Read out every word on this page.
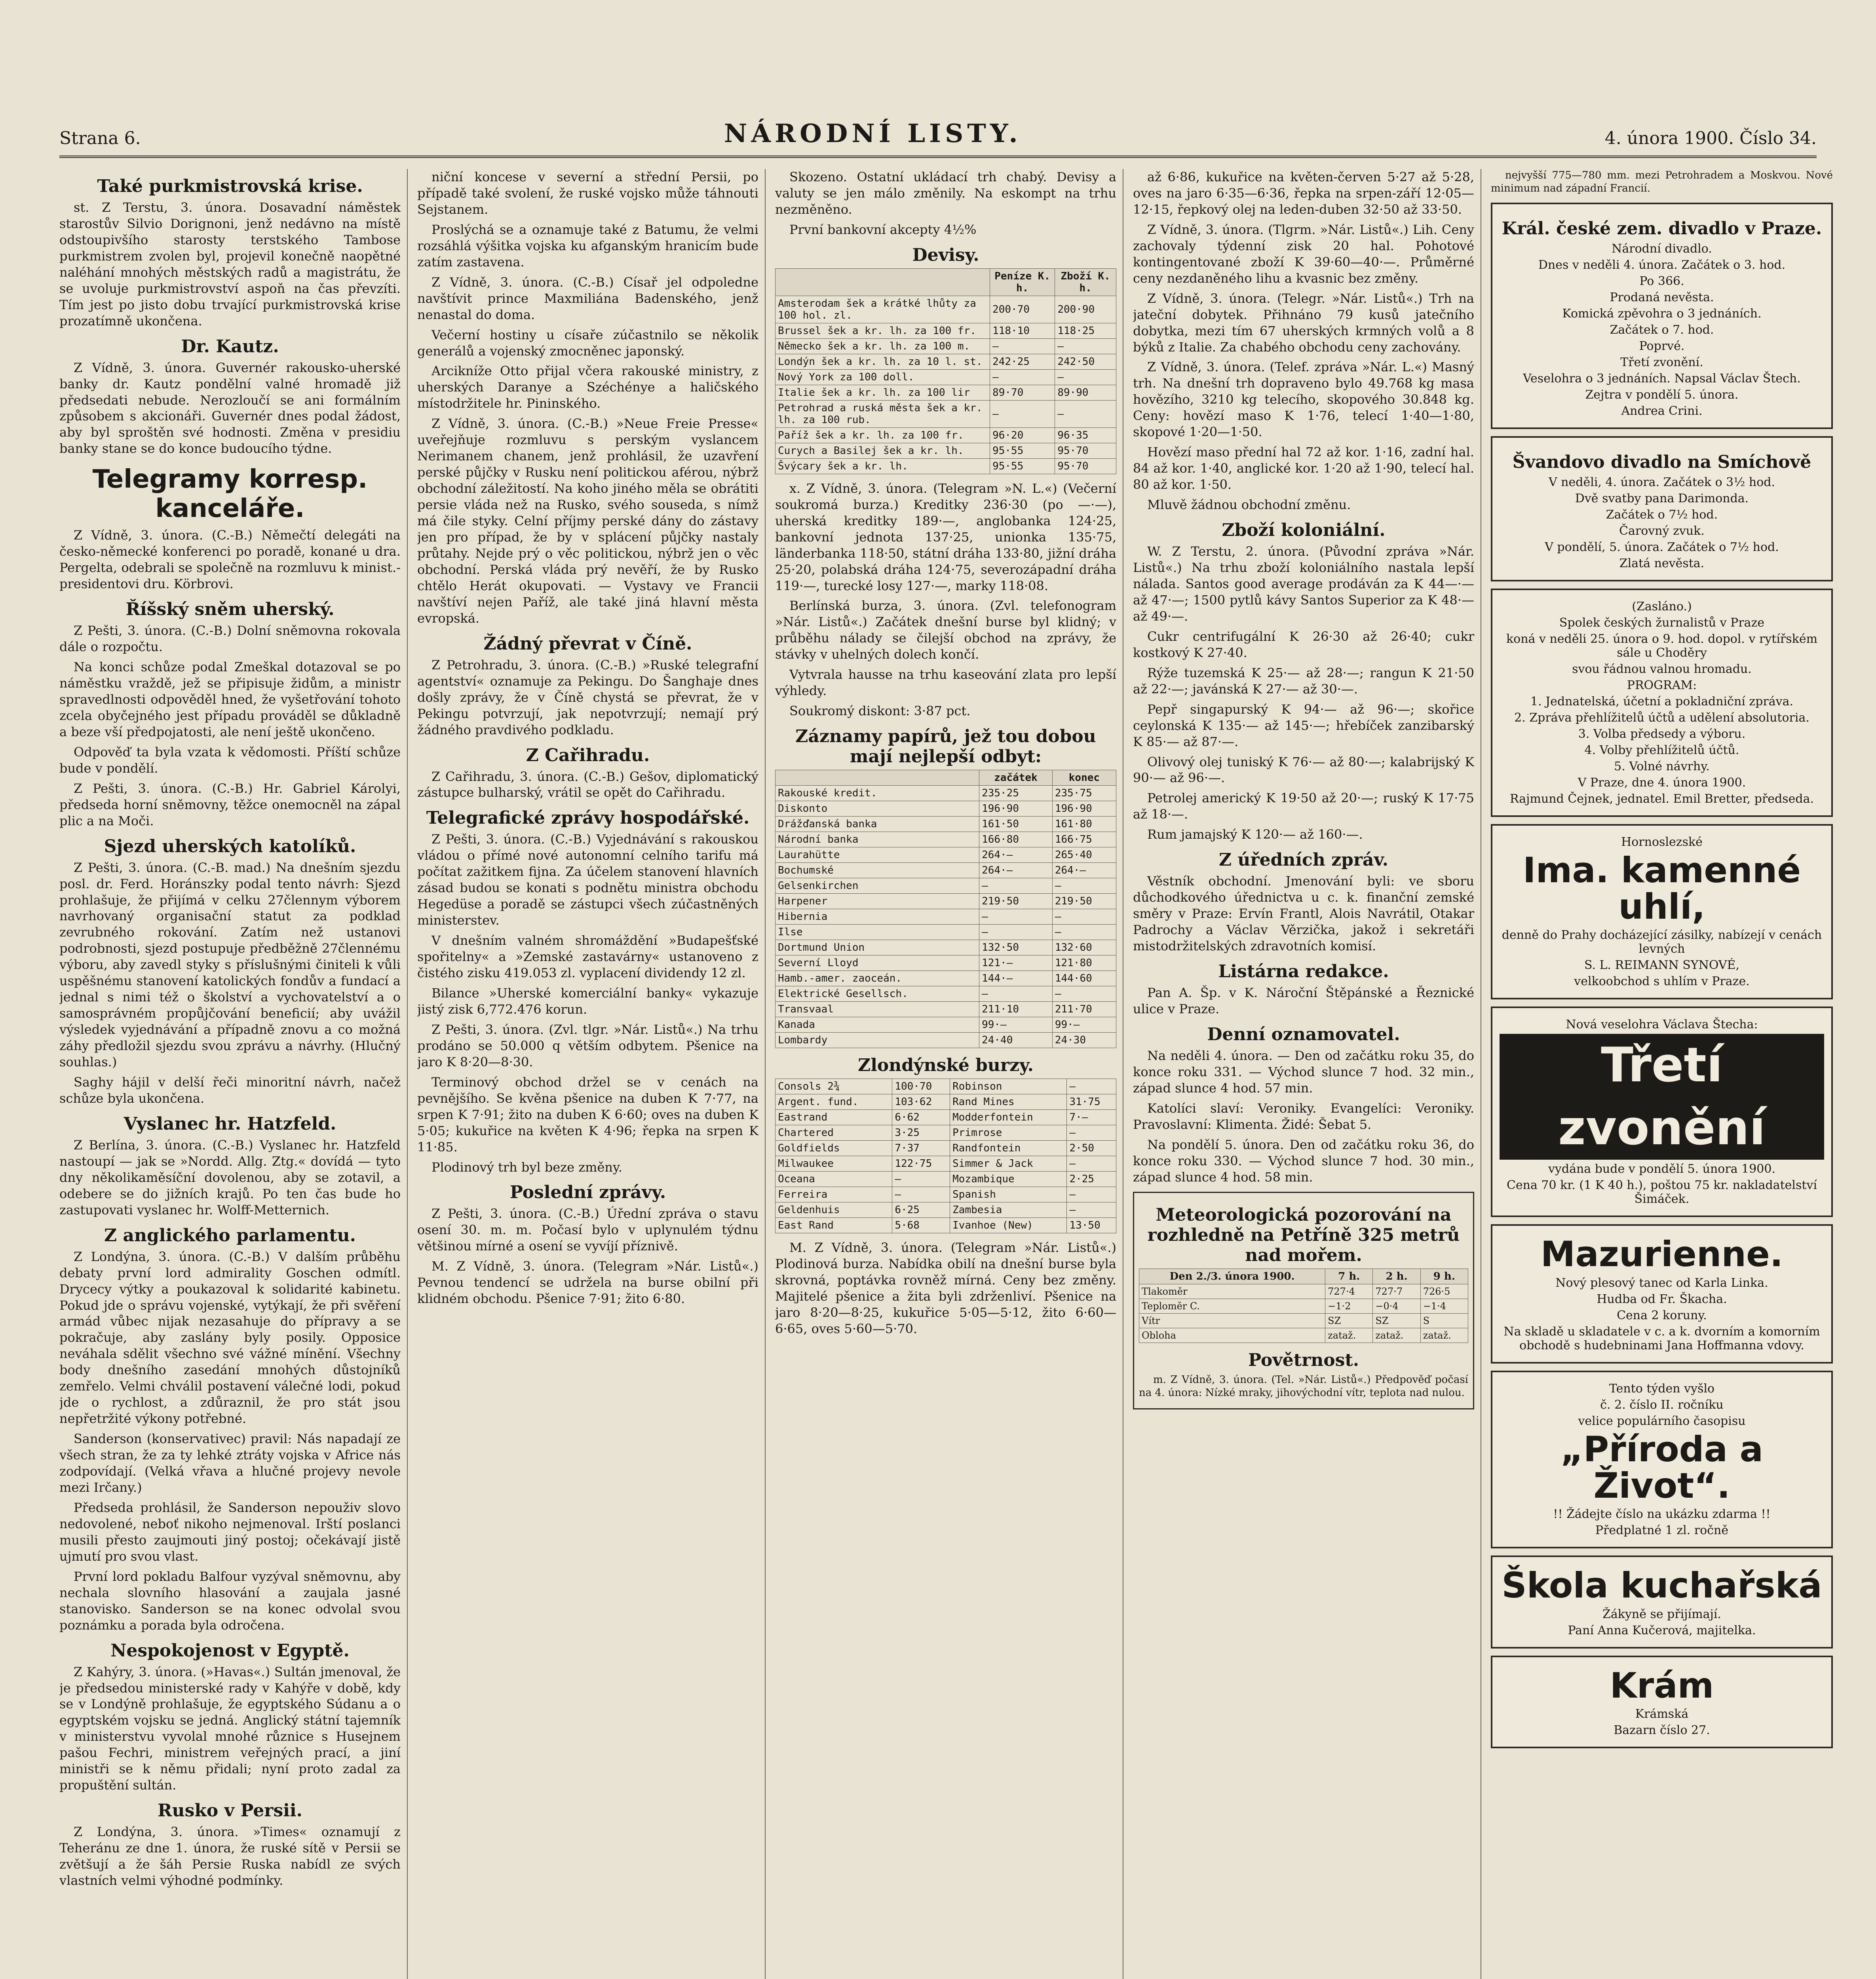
Strana 6.	NÁRODNÍ LISTY.	4. února 1900. Číslo 34.
Také purkmistrovská krise.

st. Z Terstu, 3. února. Dosavadní náměstek starostův Silvio Dorignoni, jenž nedávno na místě odstoupivšího starosty terstského Tambose purkmistrem zvolen byl, projevil konečně naopětné naléhání mnohých městských radů a magistrátu, že se uvoluje purkmistrovství aspoň na čas převzíti. Tím jest po jisto dobu trvající purkmistrovská krise prozatímně ukončena.

Dr. Kautz.

Z Vídně, 3. února. Guvernér rakousko-uherské banky dr. Kautz pondělní valné hromadě již předsedati nebude. Nerozloučí se ani formálním způsobem s akcionáři. Guvernér dnes podal žádost, aby byl sproštěn své hodnosti. Změna v presidiu banky stane se do konce budoucího týdne.

Telegramy korresp. kanceláře.

Z Vídně, 3. února. (C.-B.) Němečtí delegáti na česko-německé konferenci po poradě, konané u dra. Pergelta, odebrali se společně na rozmluvu k minist.-presidentovi dru. Körbrovi.

Říšský sněm uherský.

Z Pešti, 3. února. (C.-B.) Dolní sněmovna rokovala dále o rozpočtu.

Na konci schůze podal Zmeškal dotazoval se po náměstku vraždě, jež se připisuje židům, a ministr spravedlnosti odpověděl hned, že vyšetřování tohoto zcela obyčejného jest případu prováděl se důkladně a beze vší předpojatosti, ale není ještě ukončeno.

Odpověď ta byla vzata k vědomosti. Příští schůze bude v pondělí.

Z Pešti, 3. února. (C.-B.) Hr. Gabriel Károlyi, předseda horní sněmovny, těžce onemocněl na zápal plic a na Moči.

Sjezd uherských katolíků.

Z Pešti, 3. února. (C.-B. mad.) Na dnešním sjezdu posl. dr. Ferd. Horánszky podal tento návrh: Sjezd prohlašuje, že přijímá v celku 27člennym výborem navrhovaný organisační statut za podklad zevrubného rokování. Zatím než ustanovi podrobnosti, sjezd postupuje předběžně 27člennému výboru, aby zavedl styky s příslušnými činiteli k vůli uspěšnému stanovení katolických fondův a fundací a jednal s nimi též o školství a vychovatelství a o samosprávném propůjčování beneficií; aby uvážil výsledek vyjednávání a případně znovu a co možná záhy předložil sjezdu svou zprávu a návrhy. (Hlučný souhlas.)

Saghy hájil v delší řeči minoritní návrh, načež schůze byla ukončena.

Vyslanec hr. Hatzfeld.

Z Berlína, 3. února. (C.-B.) Vyslanec hr. Hatzfeld nastoupí — jak se »Nordd. Allg. Ztg.« dovídá — tyto dny několikaměsíční dovolenou, aby se zotavil, a odebere se do jižních krajů. Po ten čas bude ho zastupovati vyslanec hr. Wolff-Metternich.

Z anglického parlamentu.

Z Londýna, 3. února. (C.-B.) V dalším průběhu debaty první lord admirality Goschen odmítl. Drycecy výtky a poukazoval k solidarité kabinetu. Pokud jde o správu vojenské, vytýkají, že při svěření armád vůbec nijak nezasahuje do přípravy a se pokračuje, aby zaslány byly posily. Opposice neváhala sdělit všechno své vážné mínění. Všechny body dnešního zasedání mnohých důstojníků zemřelo. Velmi chválil postavení válečné lodi, pokud jde o rychlost, a zdůraznil, že pro stát jsou nepřetržité výkony potřebné.

Sanderson (konservativec) pravil: Nás napadají ze všech stran, že za ty lehké ztráty vojska v Africe nás zodpovídají. (Velká vřava a hlučné projevy nevole mezi Irčany.)

Předseda prohlásil, že Sanderson nepouživ slovo nedovolené, neboť nikoho nejmenoval. Irští poslanci musili přesto zaujmouti jiný postoj; očekávají jistě ujmutí pro svou vlast.

První lord pokladu Balfour vyzýval sněmovnu, aby nechala slovního hlasování a zaujala jasné stanovisko. Sanderson se na konec odvolal svou poznámku a porada byla odročena.

Nespokojenost v Egyptě.

Z Kahýry, 3. února. (»Havas«.) Sultán jmenoval, že je předsedou ministerské rady v Kahýře v době, kdy se v Londýně prohlašuje, že egyptského Súdanu a o egyptském vojsku se jedná. Anglický státní tajemník v ministerstvu vyvolal mnohé různice s Husejnem pašou Fechri, ministrem veřejných prací, a jiní ministři se k němu přidali; nyní proto zadal za propuštění sultán.

Rusko v Persii.

Z Londýna, 3. února. »Times« oznamují z Teheránu ze dne 1. února, že ruské sítě v Persii se zvětšují a že šáh Persie Ruska nabídl ze svých vlastních velmi výhodné podmínky.

niční koncese v severní a střední Persii, po případě také svolení, že ruské vojsko může táhnouti Sejstanem.

Proslýchá se a oznamuje také z Batumu, že velmi rozsáhlá výšitka vojska ku afganským hranicím bude zatím zastavena.

Z Vídně, 3. února. (C.-B.) Císař jel odpoledne navštívit prince Maxmiliána Badenského, jenž nenastal do doma.

Večerní hostiny u císaře zúčastnilo se několik generálů a vojenský zmocněnec japonský.

Arcikníže Otto přijal včera rakouské ministry, z uherských Daranye a Széchényе a haličského místodržitele hr. Pininského.

Z Vídně, 3. února. (C.-B.) »Neue Freie Presse« uveřejňuje rozmluvu s perským vyslancem Nerimanem chanem, jenž prohlásil, že uzavření perské půjčky v Rusku není politickou aférou, nýbrž obchodní záležitostí. Na koho jiného měla se obrátiti persie vláda než na Rusko, svého souseda, s nímž má čile styky. Celní příjmy perské dány do zástavy jen pro případ, že by v splácení půjčky nastaly průtahy. Nejde prý o věc politickou, nýbrž jen o věc obchodní. Perská vláda prý nevěří, že by Rusko chtělo Herát okupovati. — Vystavy ve Francii navštíví nejen Paříž, ale také jiná hlavní města evropská.

Žádný převrat v Číně.

Z Petrohradu, 3. února. (C.-B.) »Ruské telegrafní agentství« oznamuje za Pekingu. Do Šanghaje dnes došly zprávy, že v Číně chystá se převrat, že v Pekingu potvrzují, jak nepotvrzují; nemají prý žádného pravdivého podkladu.

Z Cařihradu.

Z Cařihradu, 3. února. (C.-B.) Gešov, diplomatický zástupce bulharský, vrátil se opět do Cařihradu.

Telegrafické zprávy hospodářské.

Z Pešti, 3. února. (C.-B.) Vyjednávání s rakouskou vládou o přímé nové autonomní celního tarifu má počítat zažitkem fijna. Za účelem stanovení hlavních zásad budou se konati s podnětu ministra obchodu Hegedüse a poradě se zástupci všech zúčastněných ministerstev.

V dnešním valném shromáždění »Budapešťské spořitelny« a »Zemské zastavárny« ustanoveno z čistého zisku 419.053 zl. vyplacení dividendy 12 zl.

Bilance »Uherské komerciální banky« vykazuje jistý zisk 6,772.476 korun.

Z Pešti, 3. února. (Zvl. tlgr. »Nár. Listů«.) Na trhu prodáno se 50.000 q větším odbytem. Pšenice na jaro K 8·20—8·30.

Terminový obchod držel se v cenách na pevnějšího. Se kvěna pšenice na duben K 7·77, na srpen K 7·91; žito na duben K 6·60; oves na duben K 5·05; kukuřice na květen K 4·96; řepka na srpen K 11·85.

Plodinový trh byl beze změny.

Poslední zprávy.

Z Pešti, 3. února. (C.-B.) Úřední zpráva o stavu osení 30. m. m. Počasí bylo v uplynulém týdnu většinou mírné a osení se vyvíjí příznivě.

M. Z Vídně, 3. února. (Telegram »Nár. Listů«.) Pevnou tendencí se udržela na burse obilní při klidném obchodu. Pšenice 7·91; žito 6·80.

Skozeno. Ostatní ukládací trh chabý. Devisy a valuty se jen málo změnily. Na eskompt na trhu nezměněno.

První bankovní akcepty 4½%

Devisy.
	Peníze K. h.	Zboží K. h.
Amsterodam šek a krátké lhůty za 100 hol. zl.	200·70	200·90
Brussel šek a kr. lh. za 100 fr.	118·10	118·25
Německo šek a kr. lh. za 100 m.	—	—
Londýn šek a kr. lh. za 10 l. st.	242·25	242·50
Nový York za 100 doll.	—	—
Italie šek a kr. lh. za 100 lir	89·70	89·90
Petrohrad a ruská města šek a kr. lh. za 100 rub.	—	—
Paříž šek a kr. lh. za 100 fr.	96·20	96·35
Curych a Basilej šek a kr. lh.	95·55	95·70
Švýcary šek a kr. lh.	95·55	95·70

x. Z Vídně, 3. února. (Telegram »N. L.«) (Večerní soukromá burza.) Kreditky 236·30 (po —·—), uherská kreditky 189·—, anglobanka 124·25, bankovní jednota 137·25, unionka 135·75, länderbanka 118·50, státní dráha 133·80, jižní dráha 25·20, polabská dráha 124·75, severozápadní dráha 119·—, turecké losy 127·—, marky 118·08.

Berlínská burza, 3. února. (Zvl. telefonogram »Nár. Listů«.) Začátek dnešní burse byl klidný; v průběhu nálady se čilejší obchod na zprávy, že stávky v uhelných dolech končí.

Vytvrala hausse na trhu kaseování zlata pro lepší výhledy.

Soukromý diskont: 3·87 pct.

Záznamy papírů, jež tou dobou mají nejlepší odbyt:
	začátek	konec
Rakouské kredit.	235·25	235·75
Diskonto	196·90	196·90
Drážďanská banka	161·50	161·80
Národní banka	166·80	166·75
Laurahütte	264·—	265·40
Bochumské	264·—	264·—
Gelsenkirchen	—	—
Harpener	219·50	219·50
Hibernia	—	—
Ilse	—	—
Dortmund Union	132·50	132·60
Severní Lloyd	121·—	121·80
Hamb.-amer. zaoceán.	144·—	144·60
Elektrické Gesellsch.	—	—
Transvaal	211·10	211·70
Kanada	99·—	99·—
Lombardy	24·40	24·30
Zlondýnské burzy.
Consols 2¾	100·70	Robinson	—
Argent. fund.	103·62	Rand Mines	31·75
Eastrand	6·62	Modderfontein	7·—
Chartered	3·25	Primrose	—
Goldfields	7·37	Randfontein	2·50
Milwaukee	122·75	Simmer & Jack	—
Oceana	—	Mozambique	2·25
Ferreira	—	Spanish	—
Geldenhuis	6·25	Zambesia	—
East Rand	5·68	Ivanhoe (New)	13·50

M. Z Vídně, 3. února. (Telegram »Nár. Listů«.) Plodinová burza. Nabídka obilí na dnešní burse byla skrovná, poptávka rovněž mírná. Ceny bez změny. Majitelé pšenice a žita byli zdrženliví. Pšenice na jaro 8·20—8·25, kukuřice 5·05—5·12, žito 6·60—6·65, oves 5·60—5·70.

až 6·86, kukuřice na květen-červen 5·27 až 5·28, oves na jaro 6·35—6·36, řepka na srpen-září 12·05—12·15, řepkový olej na leden-duben 32·50 až 33·50.

Z Vídně, 3. února. (Tlgrm. »Nár. Listů«.) Lih. Ceny zachovaly týdenní zisk 20 hal. Pohotové kontingentované zboží K 39·60—40·—. Průměrné ceny nezdaněného lihu a kvasnic bez změny.

Z Vídně, 3. února. (Telegr. »Nár. Listů«.) Trh na jateční dobytek. Přihnáno 79 kusů jatečního dobytka, mezi tím 67 uherských krmných volů a 8 býků z Italie. Za chabého obchodu ceny zachovány.

Z Vídně, 3. února. (Telef. zpráva »Nár. L.«) Masný trh. Na dnešní trh dopraveno bylo 49.768 kg masa hovězího, 3210 kg telecího, skopového 30.848 kg. Ceny: hovězí maso K 1·76, telecí 1·40—1·80, skopové 1·20—1·50.

Hovězí maso přední hal 72 až kor. 1·16, zadní hal. 84 až kor. 1·40, anglické kor. 1·20 až 1·90, telecí hal. 80 až kor. 1·50.

Mluvě žádnou obchodní změnu.

Zboží koloniální.

W. Z Terstu, 2. února. (Původní zpráva »Nár. Listů«.) Na trhu zboží koloniálního nastala lepší nálada. Santos good average prodáván za K 44—·— až 47·—; 1500 pytlů kávy Santos Superior za K 48·— až 49·—.

Cukr centrifugální K 26·30 až 26·40; cukr kostkový K 27·40.

Rýže tuzemská K 25·— až 28·—; rangun K 21·50 až 22·—; javánská K 27·— až 30·—.

Pepř singapurský K 94·— až 96·—; skořice ceylonská K 135·— až 145·—; hřebíček zanzibarský K 85·— až 87·—.

Olivový olej tuniský K 76·— až 80·—; kalabrijský K 90·— až 96·—.

Petrolej americký K 19·50 až 20·—; ruský K 17·75 až 18·—.

Rum jamajský K 120·— až 160·—.

Z úředních zpráv.

Věstník obchodní. Jmenování byli: ve sboru důchodkového úřednictva u c. k. finanční zemské směry v Praze: Ervín Frantl, Alois Navrátil, Otakar Padrochy a Václav Věrzička, jakož i sekretáři mistodržitelských zdravotních komisí.

Listárna redakce.

Pan A. Šp. v K. Nároční Štěpánské a Řeznické ulice v Praze.

Denní oznamovatel.

Na neděli 4. února. — Den od začátku roku 35, do konce roku 331. — Východ slunce 7 hod. 32 min., západ slunce 4 hod. 57 min.

Katolíci slaví: Veroniky. Evangelíci: Veroniky. Pravoslavní: Klimenta. Židé: Šebat 5.

Na pondělí 5. února. Den od začátku roku 36, do konce roku 330. — Východ slunce 7 hod. 30 min., západ slunce 4 hod. 58 min.

Meteorologická pozorování na rozhledně na Petříně 325 metrů nad mořem.
Den 2./3. února 1900.	7 h.	2 h.	9 h.
Tlakoměr	727·4	727·7	726·5
Teploměr C.	−1·2	−0·4	−1·4
Vítr	SZ	SZ	S
Obloha	zataž.	zataž.	zataž.
Povětrnost.

m. Z Vídně, 3. února. (Tel. »Nár. Listů«.) Předpověď počasí na 4. února: Nízké mraky, jihovýchodní vítr, teplota nad nulou.

nejvyšší 775—780 mm. mezi Petrohradem a Moskvou. Nové minimum nad západní Francií.

Král. české zem. divadlo v Praze.
Národní divadlo.
Dnes v neděli 4. února. Začátek o 3. hod.
Po 366.
Prodaná nevěsta.
Komická zpěvohra o 3 jednáních.
Začátek o 7. hod.
Poprvé.
Třetí zvonění.
Veselohra o 3 jednáních. Napsal Václav Štech.
Zejtra v pondělí 5. února.
Andrea Crini.
Švandovo divadlo na Smíchově
V neděli, 4. února. Začátek o 3½ hod.
Dvě svatby pana Darimonda.
Začátek o 7½ hod.
Čarovný zvuk.
V pondělí, 5. února. Začátek o 7½ hod.
Zlatá nevěsta.
(Zasláno.)
Spolek českých žurnalistů v Praze
koná v neděli 25. února o 9. hod. dopol. v rytířském sále u Choděry
svou řádnou valnou hromadu.
PROGRAM:
1. Jednatelská, účetní a pokladniční zpráva.
2. Zpráva přehlížitelů účtů a udělení absolutoria.
3. Volba předsedy a výboru.
4. Volby přehlížitelů účtů.
5. Volné návrhy.
V Praze, dne 4. února 1900.
Rajmund Čejnek, jednatel. Emil Bretter, předseda.
Hornoslezské
Ima. kamenné uhlí,
denně do Prahy docházející zásilky, nabízejí v cenách levných
S. L. REIMANN SYNOVÉ,
velkoobchod s uhlím v Praze.
Nová veselohra Václava Štecha:
Třetí
zvonění
vydána bude v pondělí 5. února 1900.
Cena 70 kr. (1 K 40 h.), poštou 75 kr. nakladatelství Šimáček.
Mazurienne.
Nový plesový tanec od Karla Linka.
Hudba od Fr. Škacha.
Cena 2 koruny.
Na skladě u skladatele v c. a k. dvorním a komorním obchodě s hudebninami Jana Hoffmanna vdovy.
Tento týden vyšlo
č. 2. číslo II. ročníku
velice populárního časopisu
„Příroda a Život“.
!! Žádejte číslo na ukázku zdarma !!
Předplatné 1 zl. ročně
Škola kuchařská
Žákyně se přijímají.
Paní Anna Kučerová, majitelka.
Krám
Krámská
Bazarn číslo 27.
